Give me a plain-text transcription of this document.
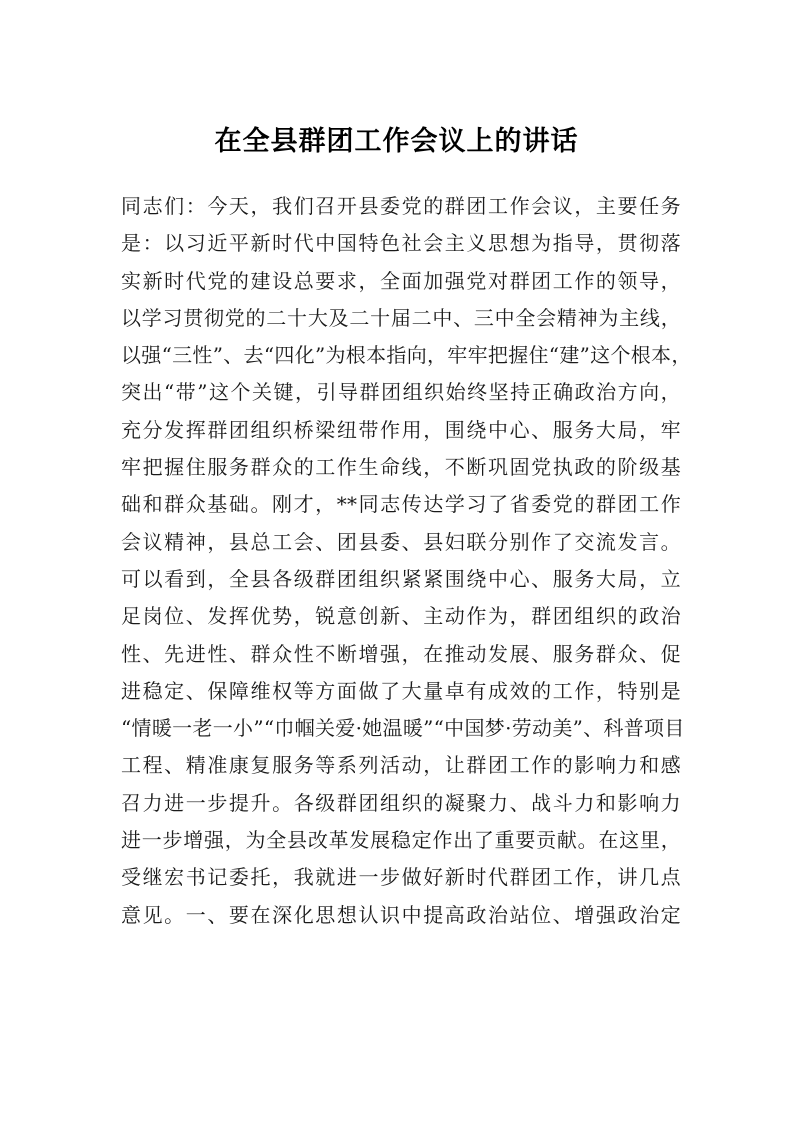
在全县群团工作会议上的讲话
同志们：今天，我们召开县委党的群团工作会议，主要任务
是：以习近平新时代中国特色社会主义思想为指导，贯彻落
实新时代党的建设总要求，全面加强党对群团工作的领导，
以学习贯彻党的二十大及二十届二中、三中全会精神为主线，
以强“三性”、去“四化”为根本指向，牢牢把握住“建”这个根本，
突出“带”这个关键，引导群团组织始终坚持正确政治方向，
充分发挥群团组织桥梁纽带作用，围绕中心、服务大局，牢
牢把握住服务群众的工作生命线，不断巩固党执政的阶级基
础和群众基础。刚才，**同志传达学习了省委党的群团工作
会议精神，县总工会、团县委、县妇联分别作了交流发言。
可以看到，全县各级群团组织紧紧围绕中心、服务大局，立
足岗位、发挥优势，锐意创新、主动作为，群团组织的政治
性、先进性、群众性不断增强，在推动发展、服务群众、促
进稳定、保障维权等方面做了大量卓有成效的工作，特别是
“情暖一老一小”“巾帼关爱·她温暖”“中国梦·劳动美”、科普项目
工程、精准康复服务等系列活动，让群团工作的影响力和感
召力进一步提升。各级群团组织的凝聚力、战斗力和影响力
进一步增强，为全县改革发展稳定作出了重要贡献。在这里，
受继宏书记委托，我就进一步做好新时代群团工作，讲几点
意见。一、要在深化思想认识中提高政治站位、增强政治定
